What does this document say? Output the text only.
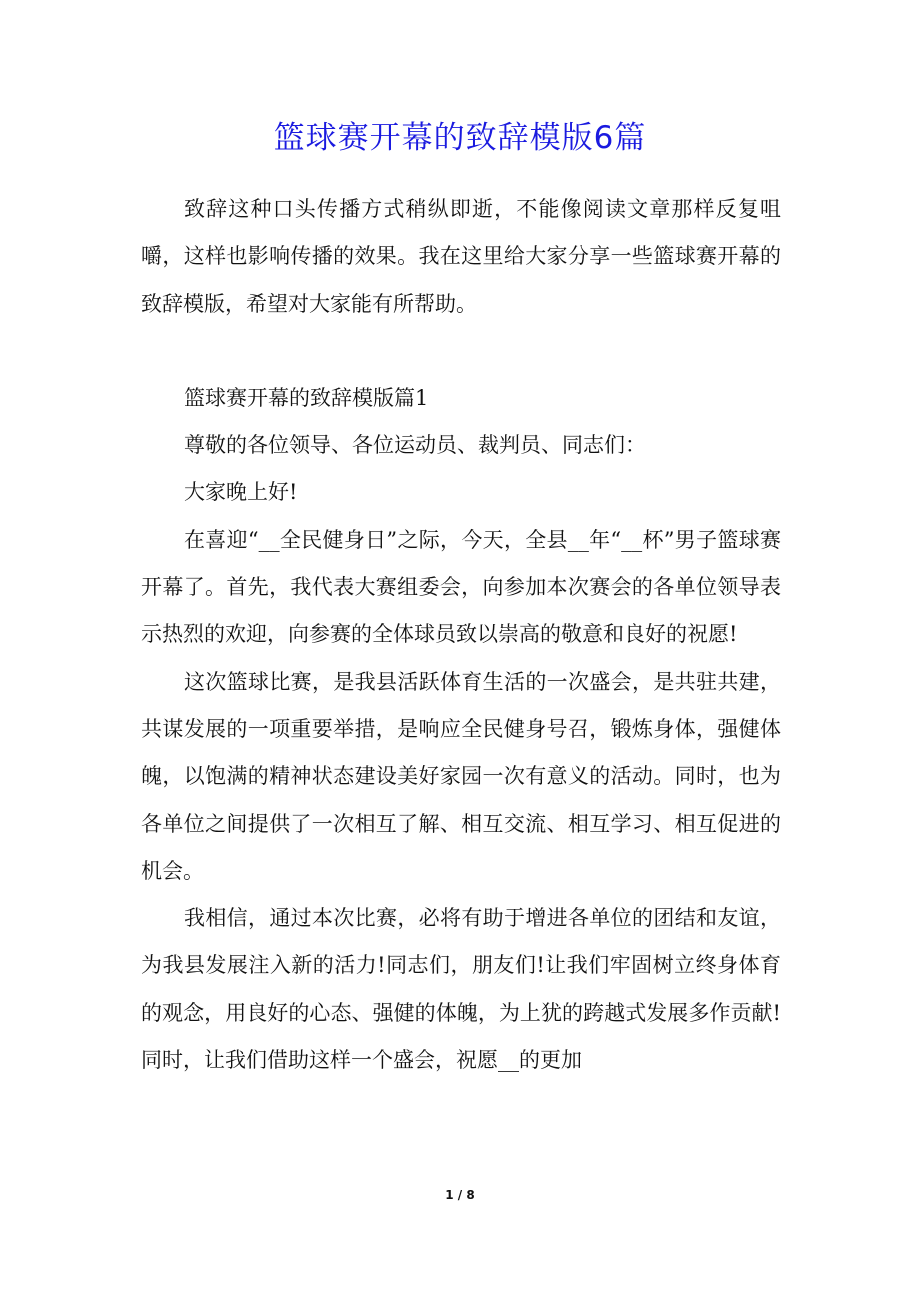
篮球赛开幕的致辞模版6篇

致辞这种口头传播方式稍纵即逝，不能像阅读文章那样反复咀嚼，这样也影响传播的效果。我在这里给大家分享一些篮球赛开幕的致辞模版，希望对大家能有所帮助。

篮球赛开幕的致辞模版篇1

尊敬的各位领导、各位运动员、裁判员、同志们：

大家晚上好!

在喜迎“__全民健身日”之际，今天，全县__年“__杯”男子篮球赛开幕了。首先，我代表大赛组委会，向参加本次赛会的各单位领导表示热烈的欢迎，向参赛的全体球员致以崇高的敬意和良好的祝愿!

这次篮球比赛，是我县活跃体育生活的一次盛会，是共驻共建，共谋发展的一项重要举措，是响应全民健身号召，锻炼身体，强健体魄，以饱满的精神状态建设美好家园一次有意义的活动。同时，也为各单位之间提供了一次相互了解、相互交流、相互学习、相互促进的机会。

我相信，通过本次比赛，必将有助于增进各单位的团结和友谊，为我县发展注入新的活力!同志们，朋友们!让我们牢固树立终身体育的观念，用良好的心态、强健的体魄，为上犹的跨越式发展多作贡献!同时，让我们借助这样一个盛会，祝愿__的更加

1 / 8
